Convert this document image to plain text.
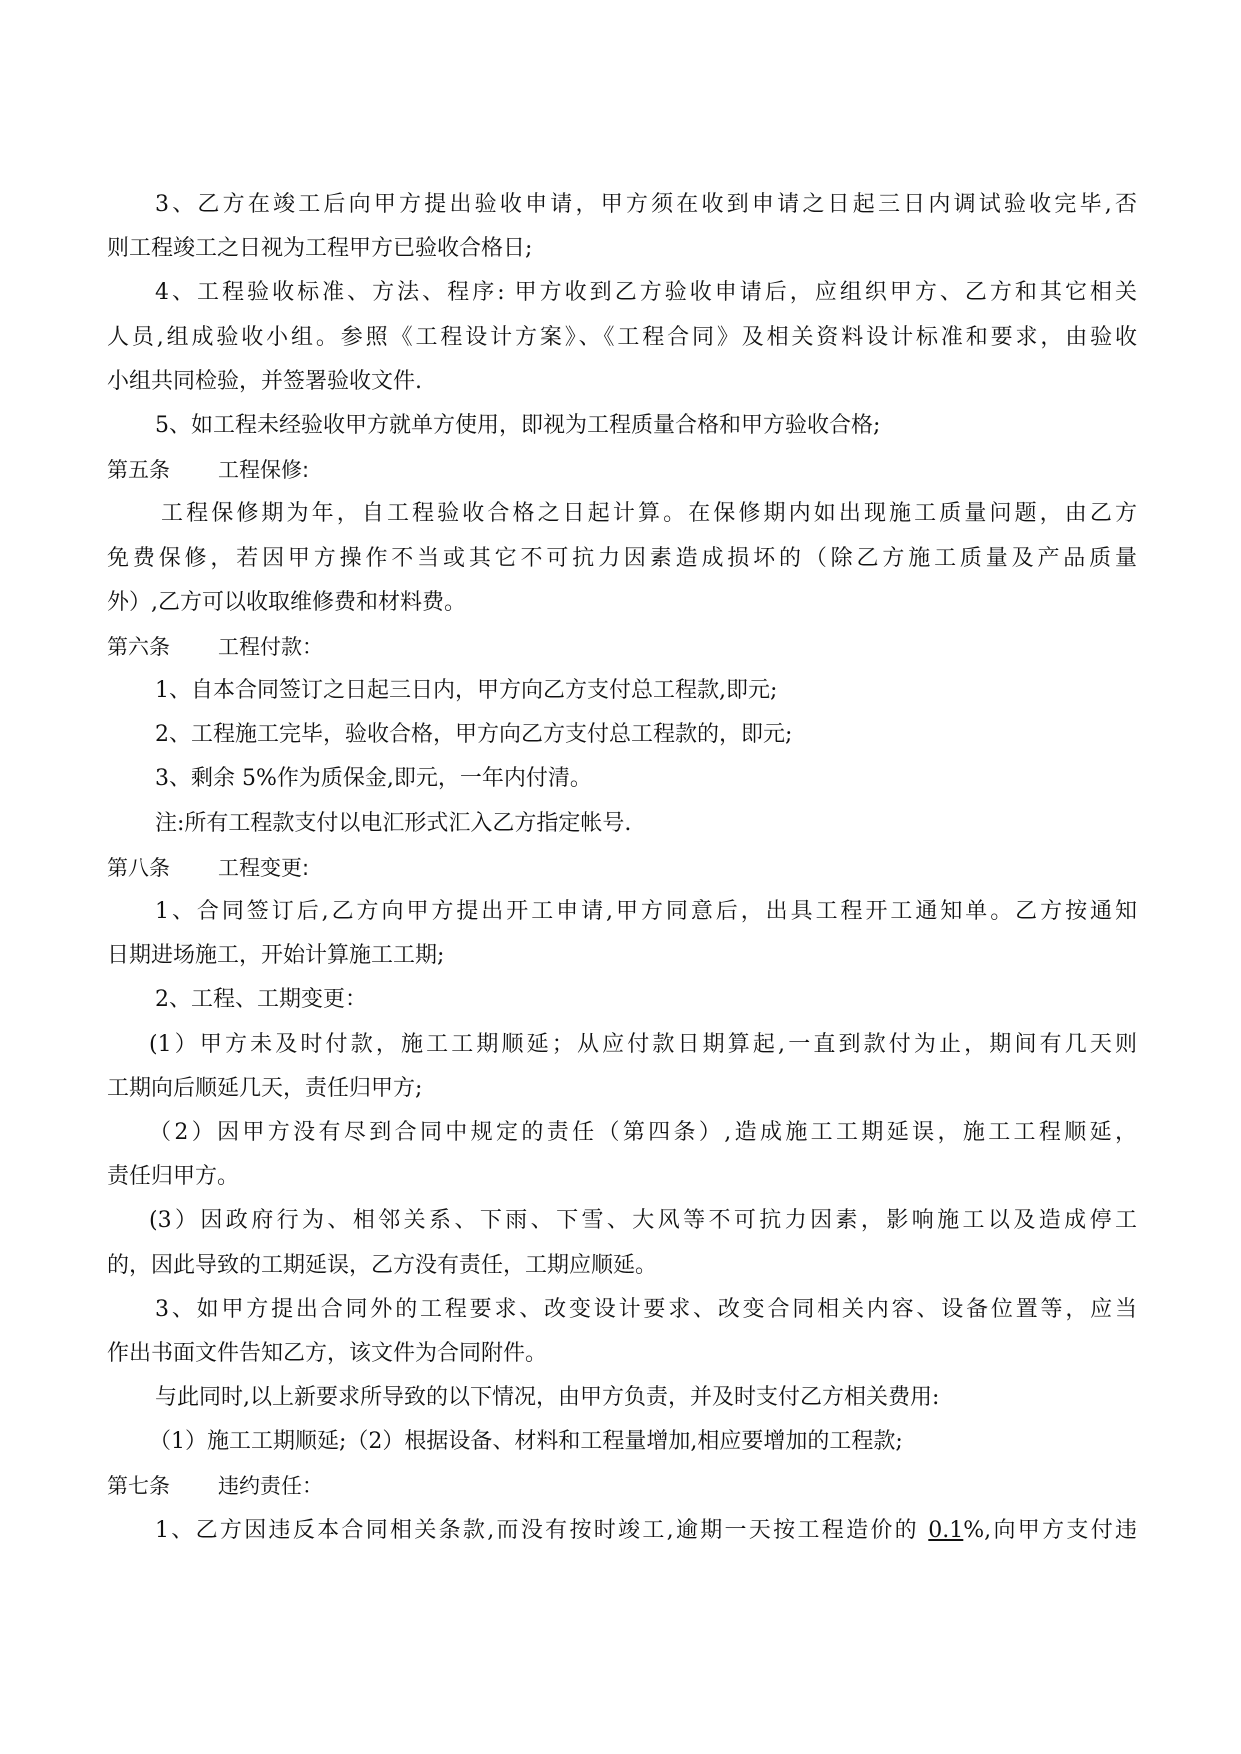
3、乙方在竣工后向甲方提出验收申请，甲方须在收到申请之日起三日内调试验收完毕,否
则工程竣工之日视为工程甲方已验收合格日;
4、工程验收标准、方法、程序: 甲方收到乙方验收申请后，应组织甲方、乙方和其它相关
人员,组成验收小组。参照《工程设计方案》、《工程合同》及相关资料设计标准和要求，由验收
小组共同检验，并签署验收文件.
5、如工程未经验收甲方就单方使用，即视为工程质量合格和甲方验收合格;
第五条 工程保修:
工程保修期为年，自工程验收合格之日起计算。在保修期内如出现施工质量问题，由乙方
免费保修，若因甲方操作不当或其它不可抗力因素造成损坏的（除乙方施工质量及产品质量
外）,乙方可以收取维修费和材料费。
第六条 工程付款：
1、自本合同签订之日起三日内，甲方向乙方支付总工程款,即元;
2、工程施工完毕，验收合格，甲方向乙方支付总工程款的，即元;
3、剩余 5%作为质保金,即元，一年内付清。
注:所有工程款支付以电汇形式汇入乙方指定帐号.
第八条 工程变更:
1、合同签订后,乙方向甲方提出开工申请,甲方同意后，出具工程开工通知单。乙方按通知
日期进场施工，开始计算施工工期;
2、工程、工期变更：
(1）甲方未及时付款，施工工期顺延；从应付款日期算起,一直到款付为止，期间有几天则
工期向后顺延几天，责任归甲方;
（2）因甲方没有尽到合同中规定的责任（第四条）,造成施工工期延误，施工工程顺延，
责任归甲方。
(3）因政府行为、相邻关系、下雨、下雪、大风等不可抗力因素，影响施工以及造成停工
的，因此导致的工期延误，乙方没有责任，工期应顺延。
3、如甲方提出合同外的工程要求、改变设计要求、改变合同相关内容、设备位置等，应当
作出书面文件告知乙方，该文件为合同附件。
与此同时,以上新要求所导致的以下情况，由甲方负责，并及时支付乙方相关费用:
（1）施工工期顺延;（2）根据设备、材料和工程量增加,相应要增加的工程款;
第七条 违约责任：
1、乙方因违反本合同相关条款,而没有按时竣工,逾期一天按工程造价的 0.1%,向甲方支付违
